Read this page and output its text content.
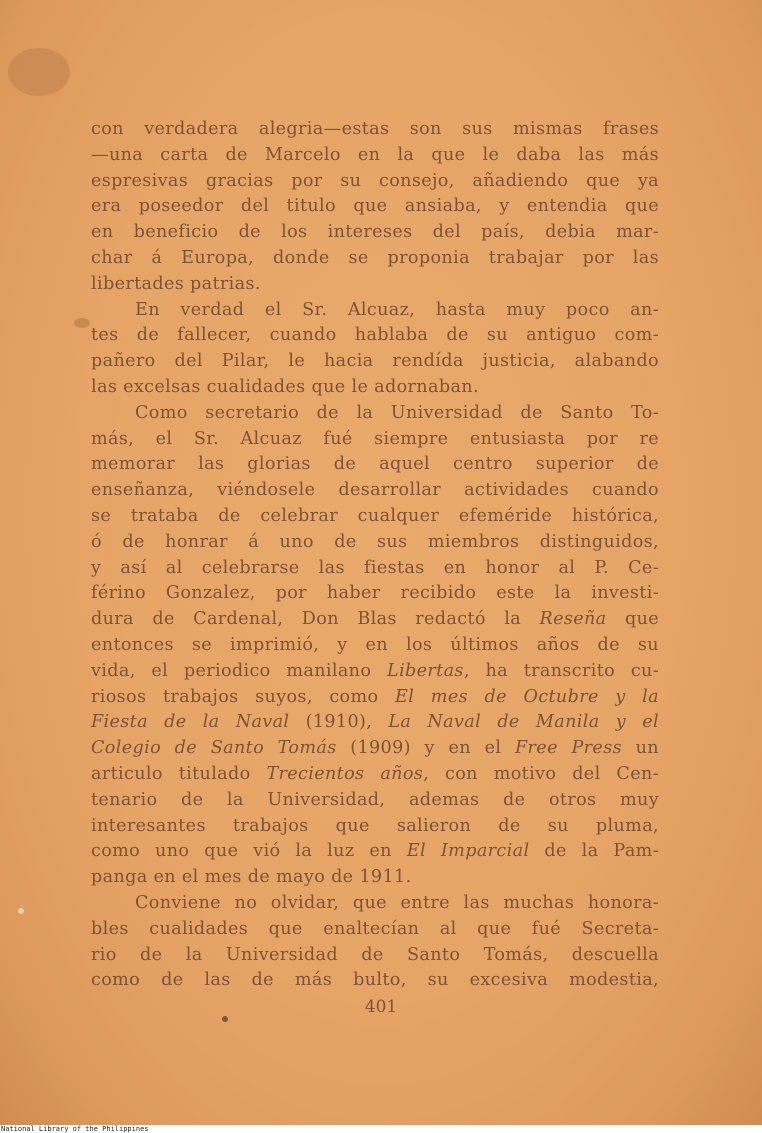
con verdadera alegria—estas son sus mismas frases

—una carta de Marcelo en la que le daba las más

espresivas gracias por su consejo, añadiendo que ya

era poseedor del titulo que ansiaba, y entendia que

en beneficio de los intereses del país, debia mar-

char á Europa, donde se proponia trabajar por las

libertades patrias.

En verdad el Sr. Alcuaz, hasta muy poco an-

tes de fallecer, cuando hablaba de su antiguo com-

pañero del Pilar, le hacia rendída justicia, alabando

las excelsas cualidades que le adornaban.

Como secretario de la Universidad de Santo To-

más, el Sr. Alcuaz fué siempre entusiasta por re

memorar las glorias de aquel centro superior de

enseñanza, viéndosele desarrollar actividades cuando

se trataba de celebrar cualquer efeméride histórica,

ó de honrar á uno de sus miembros distinguidos,

y así al celebrarse las fiestas en honor al P. Ce-

férino Gonzalez, por haber recibido este la investi-

dura de Cardenal, Don Blas redactó la Reseña que

entonces se imprimió, y en los últimos años de su

vida, el periodico manilano Libertas, ha transcrito cu-

riosos trabajos suyos, como El mes de Octubre y la

Fiesta de la Naval (1910), La Naval de Manila y el

Colegio de Santo Tomás (1909) y en el Free Press un

articulo titulado Trecientos años, con motivo del Cen-

tenario de la Universidad, ademas de otros muy

interesantes trabajos que salieron de su pluma,

como uno que vió la luz en El Imparcial de la Pam-

panga en el mes de mayo de 1911.

Conviene no olvidar, que entre las muchas honora-

bles cualidades que enaltecían al que fué Secreta-

rio de la Universidad de Santo Tomás, descuella

como de las de más bulto, su excesiva modestia,

401
National Library of the Philippines
